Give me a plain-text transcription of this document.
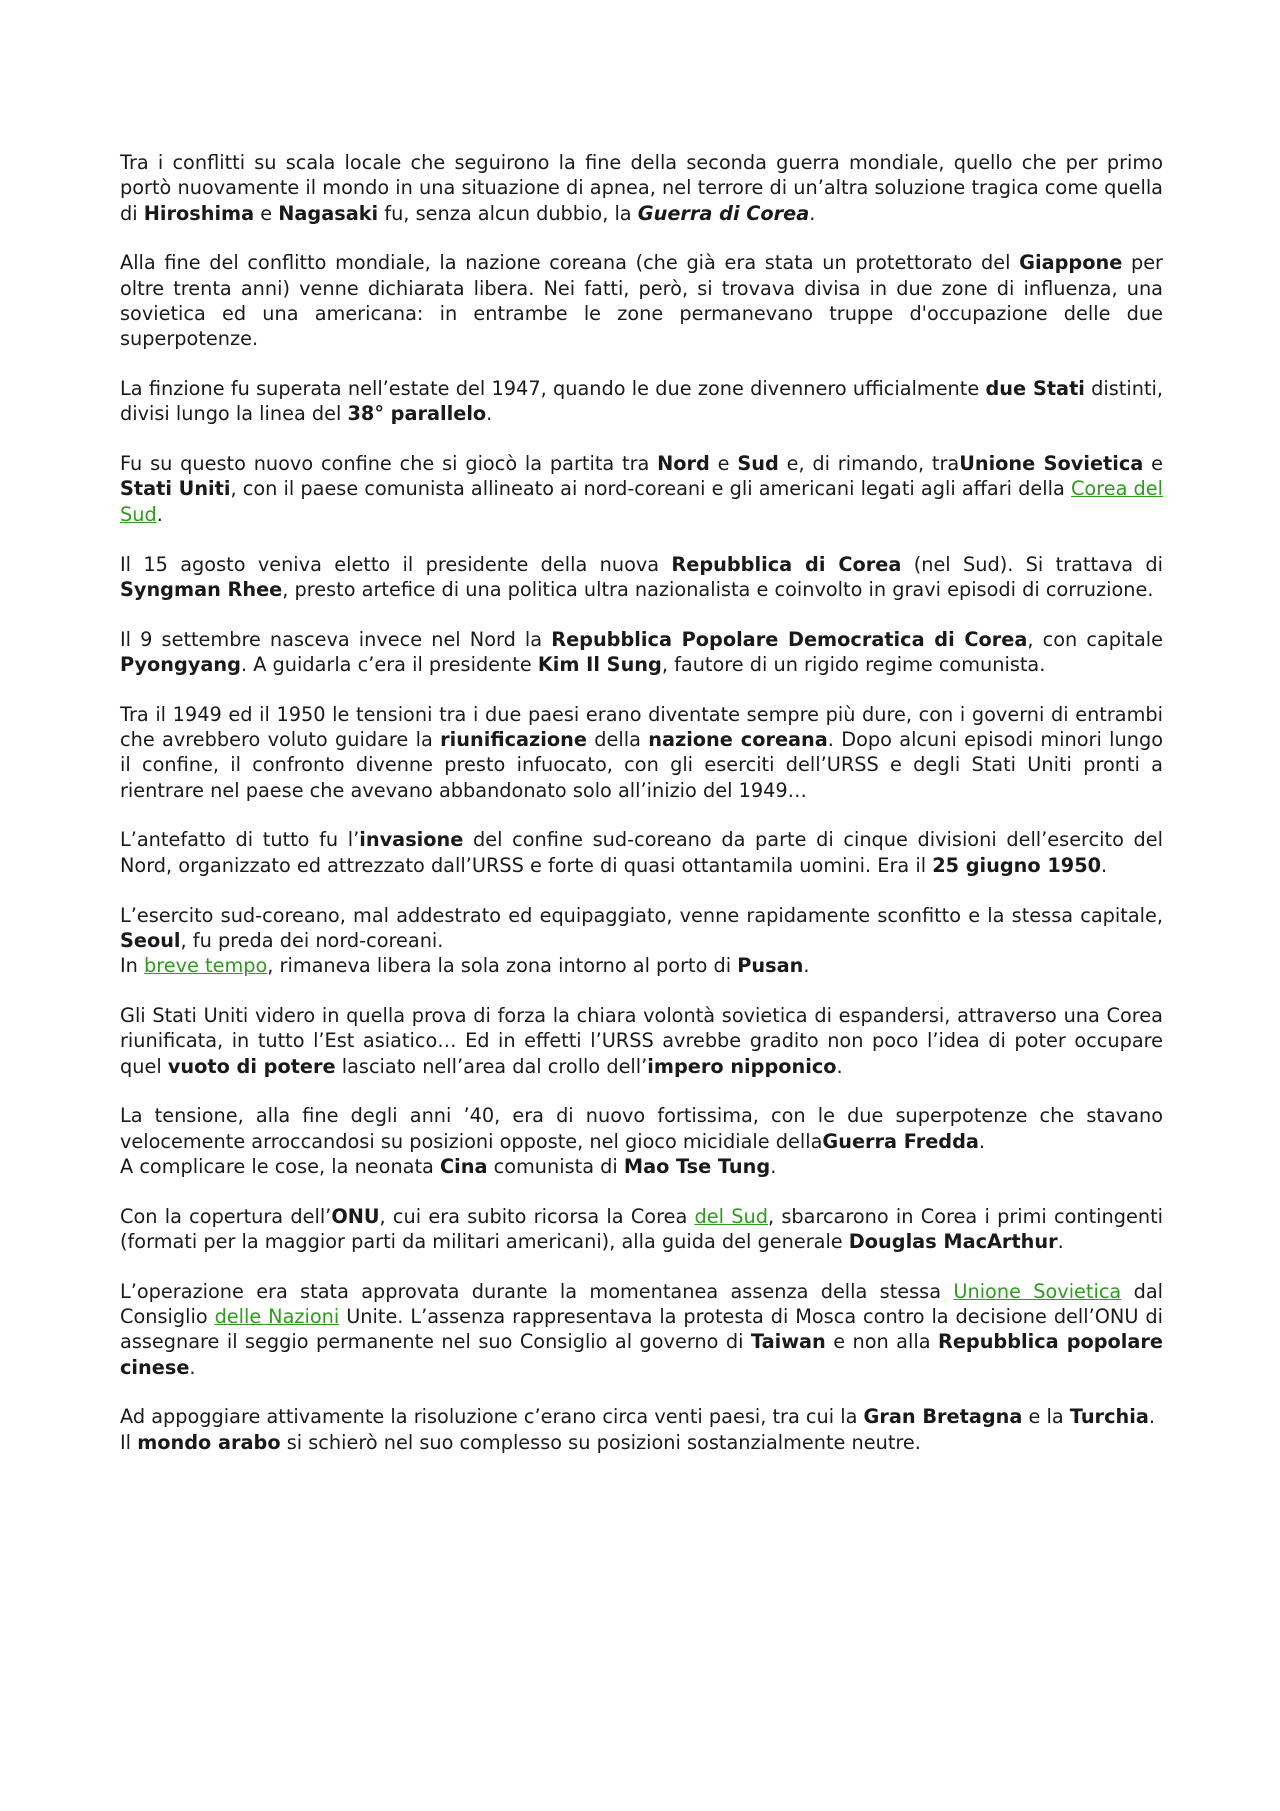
Tra i conflitti su scala locale che seguirono la fine della seconda guerra mondiale, quello che per primo portò nuovamente il mondo in una situazione di apnea, nel terrore di un’altra soluzione tragica come quella di Hiroshima e Nagasaki fu, senza alcun dubbio, la Guerra di Corea.

Alla fine del conflitto mondiale, la nazione coreana (che già era stata un protettorato del Giappone per oltre trenta anni) venne dichiarata libera. Nei fatti, però, si trovava divisa in due zone di influenza, una sovietica ed una americana: in entrambe le zone permanevano truppe d'occupazione delle due superpotenze.

La finzione fu superata nell’estate del 1947, quando le due zone divennero ufficialmente due Stati distinti, divisi lungo la linea del 38° parallelo.

Fu su questo nuovo confine che si giocò la partita tra Nord e Sud e, di rimando, traUnione Sovietica e Stati Uniti, con il paese comunista allineato ai nord-coreani e gli americani legati agli affari della Corea del Sud.

Il 15 agosto veniva eletto il presidente della nuova Repubblica di Corea (nel Sud). Si trattava di Syngman Rhee, presto artefice di una politica ultra nazionalista e coinvolto in gravi episodi di corruzione.

Il 9 settembre nasceva invece nel Nord la Repubblica Popolare Democratica di Corea, con capitale Pyongyang. A guidarla c’era il presidente Kim Il Sung, fautore di un rigido regime comunista.

Tra il 1949 ed il 1950 le tensioni tra i due paesi erano diventate sempre più dure, con i governi di entrambi che avrebbero voluto guidare la riunificazione della nazione coreana. Dopo alcuni episodi minori lungo il confine, il confronto divenne presto infuocato, con gli eserciti dell’URSS e degli Stati Uniti pronti a rientrare nel paese che avevano abbandonato solo all’inizio del 1949…

L’antefatto di tutto fu l’invasione del confine sud-coreano da parte di cinque divisioni dell’esercito del Nord, organizzato ed attrezzato dall’URSS e forte di quasi ottantamila uomini. Era il 25 giugno 1950.

L’esercito sud-coreano, mal addestrato ed equipaggiato, venne rapidamente sconfitto e la stessa capitale, Seoul, fu preda dei nord-coreani.
In breve tempo, rimaneva libera la sola zona intorno al porto di Pusan.

Gli Stati Uniti videro in quella prova di forza la chiara volontà sovietica di espandersi, attraverso una Corea riunificata, in tutto l’Est asiatico… Ed in effetti l’URSS avrebbe gradito non poco l’idea di poter occupare quel vuoto di potere lasciato nell’area dal crollo dell’impero nipponico.

La tensione, alla fine degli anni ’40, era di nuovo fortissima, con le due superpotenze che stavano velocemente arroccandosi su posizioni opposte, nel gioco micidiale dellaGuerra Fredda.
A complicare le cose, la neonata Cina comunista di Mao Tse Tung.

Con la copertura dell’ONU, cui era subito ricorsa la Corea del Sud, sbarcarono in Corea i primi contingenti (formati per la maggior parti da militari americani), alla guida del generale Douglas MacArthur.

L’operazione era stata approvata durante la momentanea assenza della stessa Unione Sovietica dal Consiglio delle Nazioni Unite. L’assenza rappresentava la protesta di Mosca contro la decisione dell’ONU di assegnare il seggio permanente nel suo Consiglio al governo di Taiwan e non alla Repubblica popolare cinese.

Ad appoggiare attivamente la risoluzione c’erano circa venti paesi, tra cui la Gran Bretagna e la Turchia.
Il mondo arabo si schierò nel suo complesso su posizioni sostanzialmente neutre.
